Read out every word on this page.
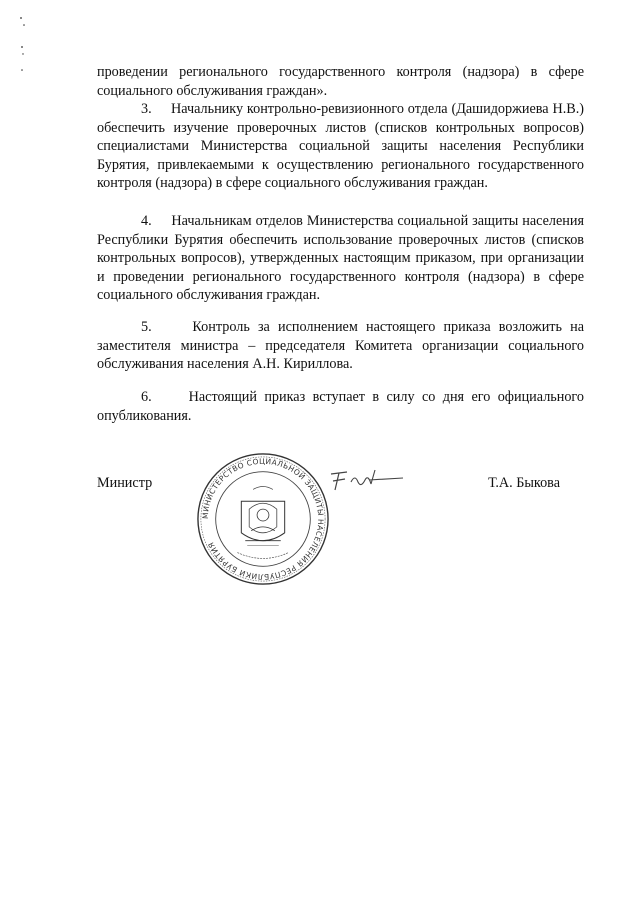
проведении регионального государственного контроля (надзора) в сфере социального обслуживания граждан».

3. Начальнику контрольно-ревизионного отдела (Дашидоржиева Н.В.) обеспечить изучение проверочных листов (списков контрольных вопросов) специалистами Министерства социальной защиты населения Республики Бурятия, привлекаемыми к осуществлению регионального государственного контроля (надзора) в сфере социального обслуживания граждан.

4. Начальникам отделов Министерства социальной защиты населения Республики Бурятия обеспечить использование проверочных листов (списков контрольных вопросов), утвержденных настоящим приказом, при организации и проведении регионального государственного контроля (надзора) в сфере социального обслуживания граждан.

5.	Контроль за исполнением настоящего приказа возложить на заместителя министра – председателя Комитета организации социального обслуживания населения А.Н. Кириллова.

6.	Настоящий приказ вступает в силу со дня его официального опубликования.

Министр
МИНИСТЕРСТВО СОЦИАЛЬНОЙ ЗАЩИТЫ НАСЕЛЕНИЯ РЕСПУБЛИКИ БУРЯТИЯ
Т.А. Быкова
